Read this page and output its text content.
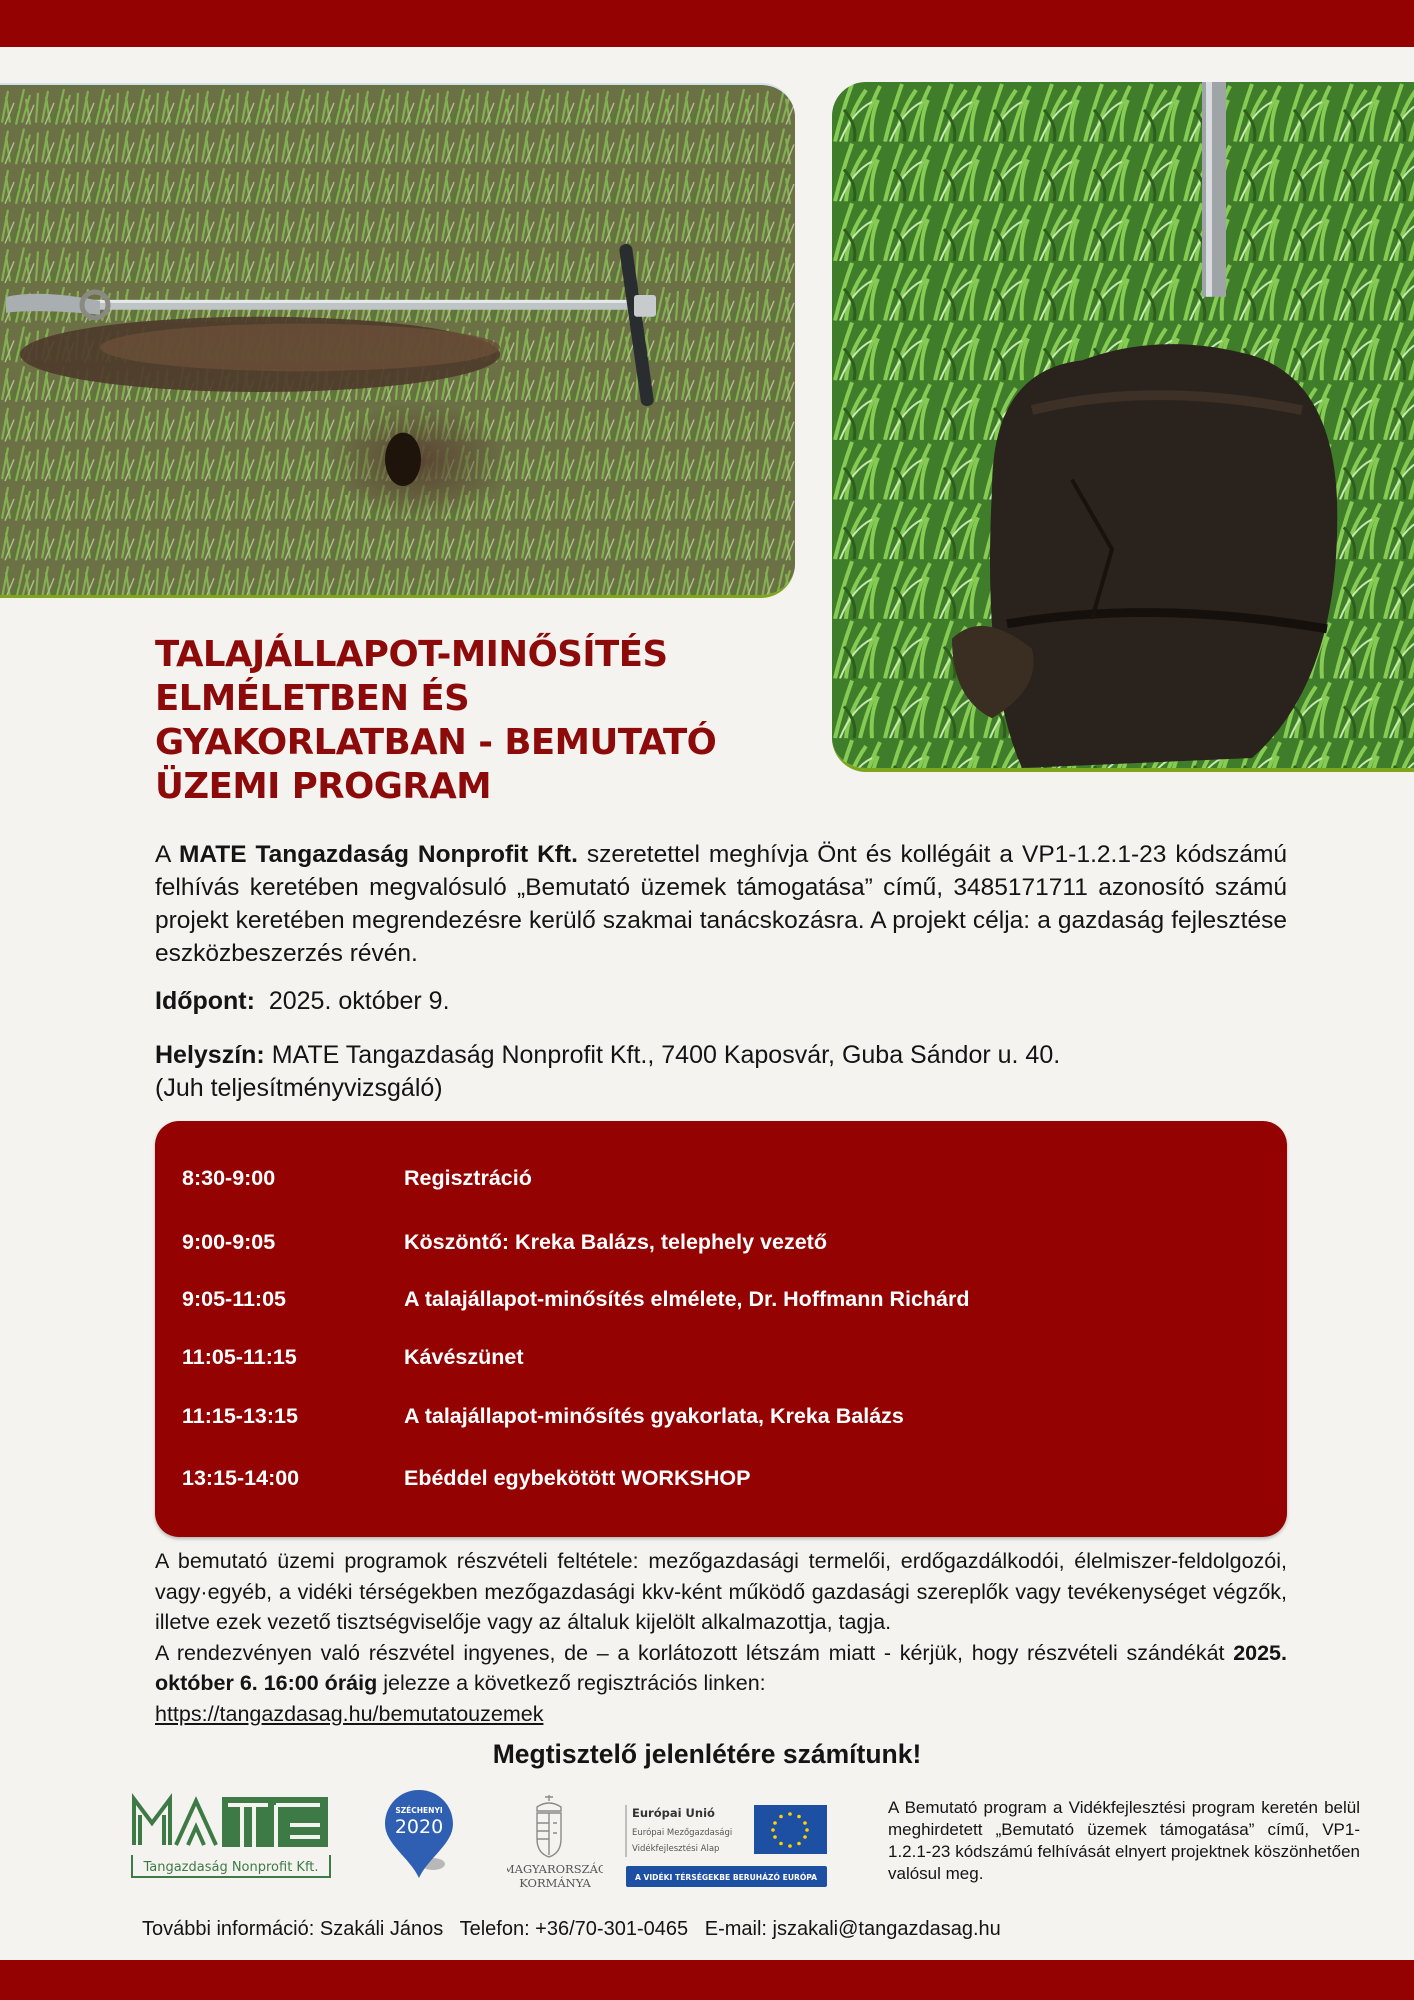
TALAJÁLLAPOT-MINŐSÍTÉS
ELMÉLETBEN ÉS
GYAKORLATBAN - BEMUTATÓ
ÜZEMI PROGRAM
A MATE Tangazdaság Nonprofit Kft. szeretettel meghívja Önt és kollégáit a VP1-1.2.1-23 kódszámú felhívás keretében megvalósuló „Bemutató üzemek támogatása” című, 3485171711 azonosító számú projekt keretében megrendezésre kerülő szakmai tanácskozásra. A projekt célja: a gazdaság fejlesztése eszközbeszerzés révén.
Időpont:  2025. október 9.
Helyszín: MATE Tangazdaság Nonprofit Kft., 7400 Kaposvár, Guba Sándor u. 40.
(Juh teljesítményvizsgáló)
8:30-9:00	Regisztráció
9:00-9:05	Köszöntő: Kreka Balázs, telephely vezető
9:05-11:05	A talajállapot-minősítés elmélete, Dr. Hoffmann Richárd
11:05-11:15	Kávészünet
11:15-13:15	A talajállapot-minősítés gyakorlata, Kreka Balázs
13:15-14:00	Ebéddel egybekötött WORKSHOP

A bemutató üzemi programok részvételi feltétele: mezőgazdasági termelői, erdőgazdálkodói, élelmiszer-feldolgozói, vagy·egyéb, a vidéki térségekben mezőgazdasági kkv-ként működő gazdasági szereplők vagy tevékenységet végzők, illetve ezek vezető tisztségviselője vagy az általuk kijelölt alkalmazottja, tagja.

A rendezvényen való részvétel ingyenes, de – a korlátozott létszám miatt - kérjük, hogy részvételi szándékát 2025. október 6. 16:00 óráig jelezze a következő regisztrációs linken:

https://tangazdasag.hu/bemutatouzemek

Megtisztelő jelenlétére számítunk!
Tangazdaság Nonprofit Kft.
SZÉCHENYI
2020
MAGYARORSZÁG
KORMÁNYA
Európai Unió
Európai Mezőgazdasági
Vidékfejlesztési Alap
A VIDÉKI TÉRSÉGEKBE BERUHÁZÓ EURÓPA
A Bemutató program a Vidékfejlesztési program keretén belül meghirdetett „Bemutató üzemek támogatása” című, VP1-1.2.1-23 kódszámú felhívását elnyert projektnek köszönhetően valósul meg.
További információ: Szakáli János Telefon: +36/70-301-0465 E-mail: jszakali@tangazdasag.hu
